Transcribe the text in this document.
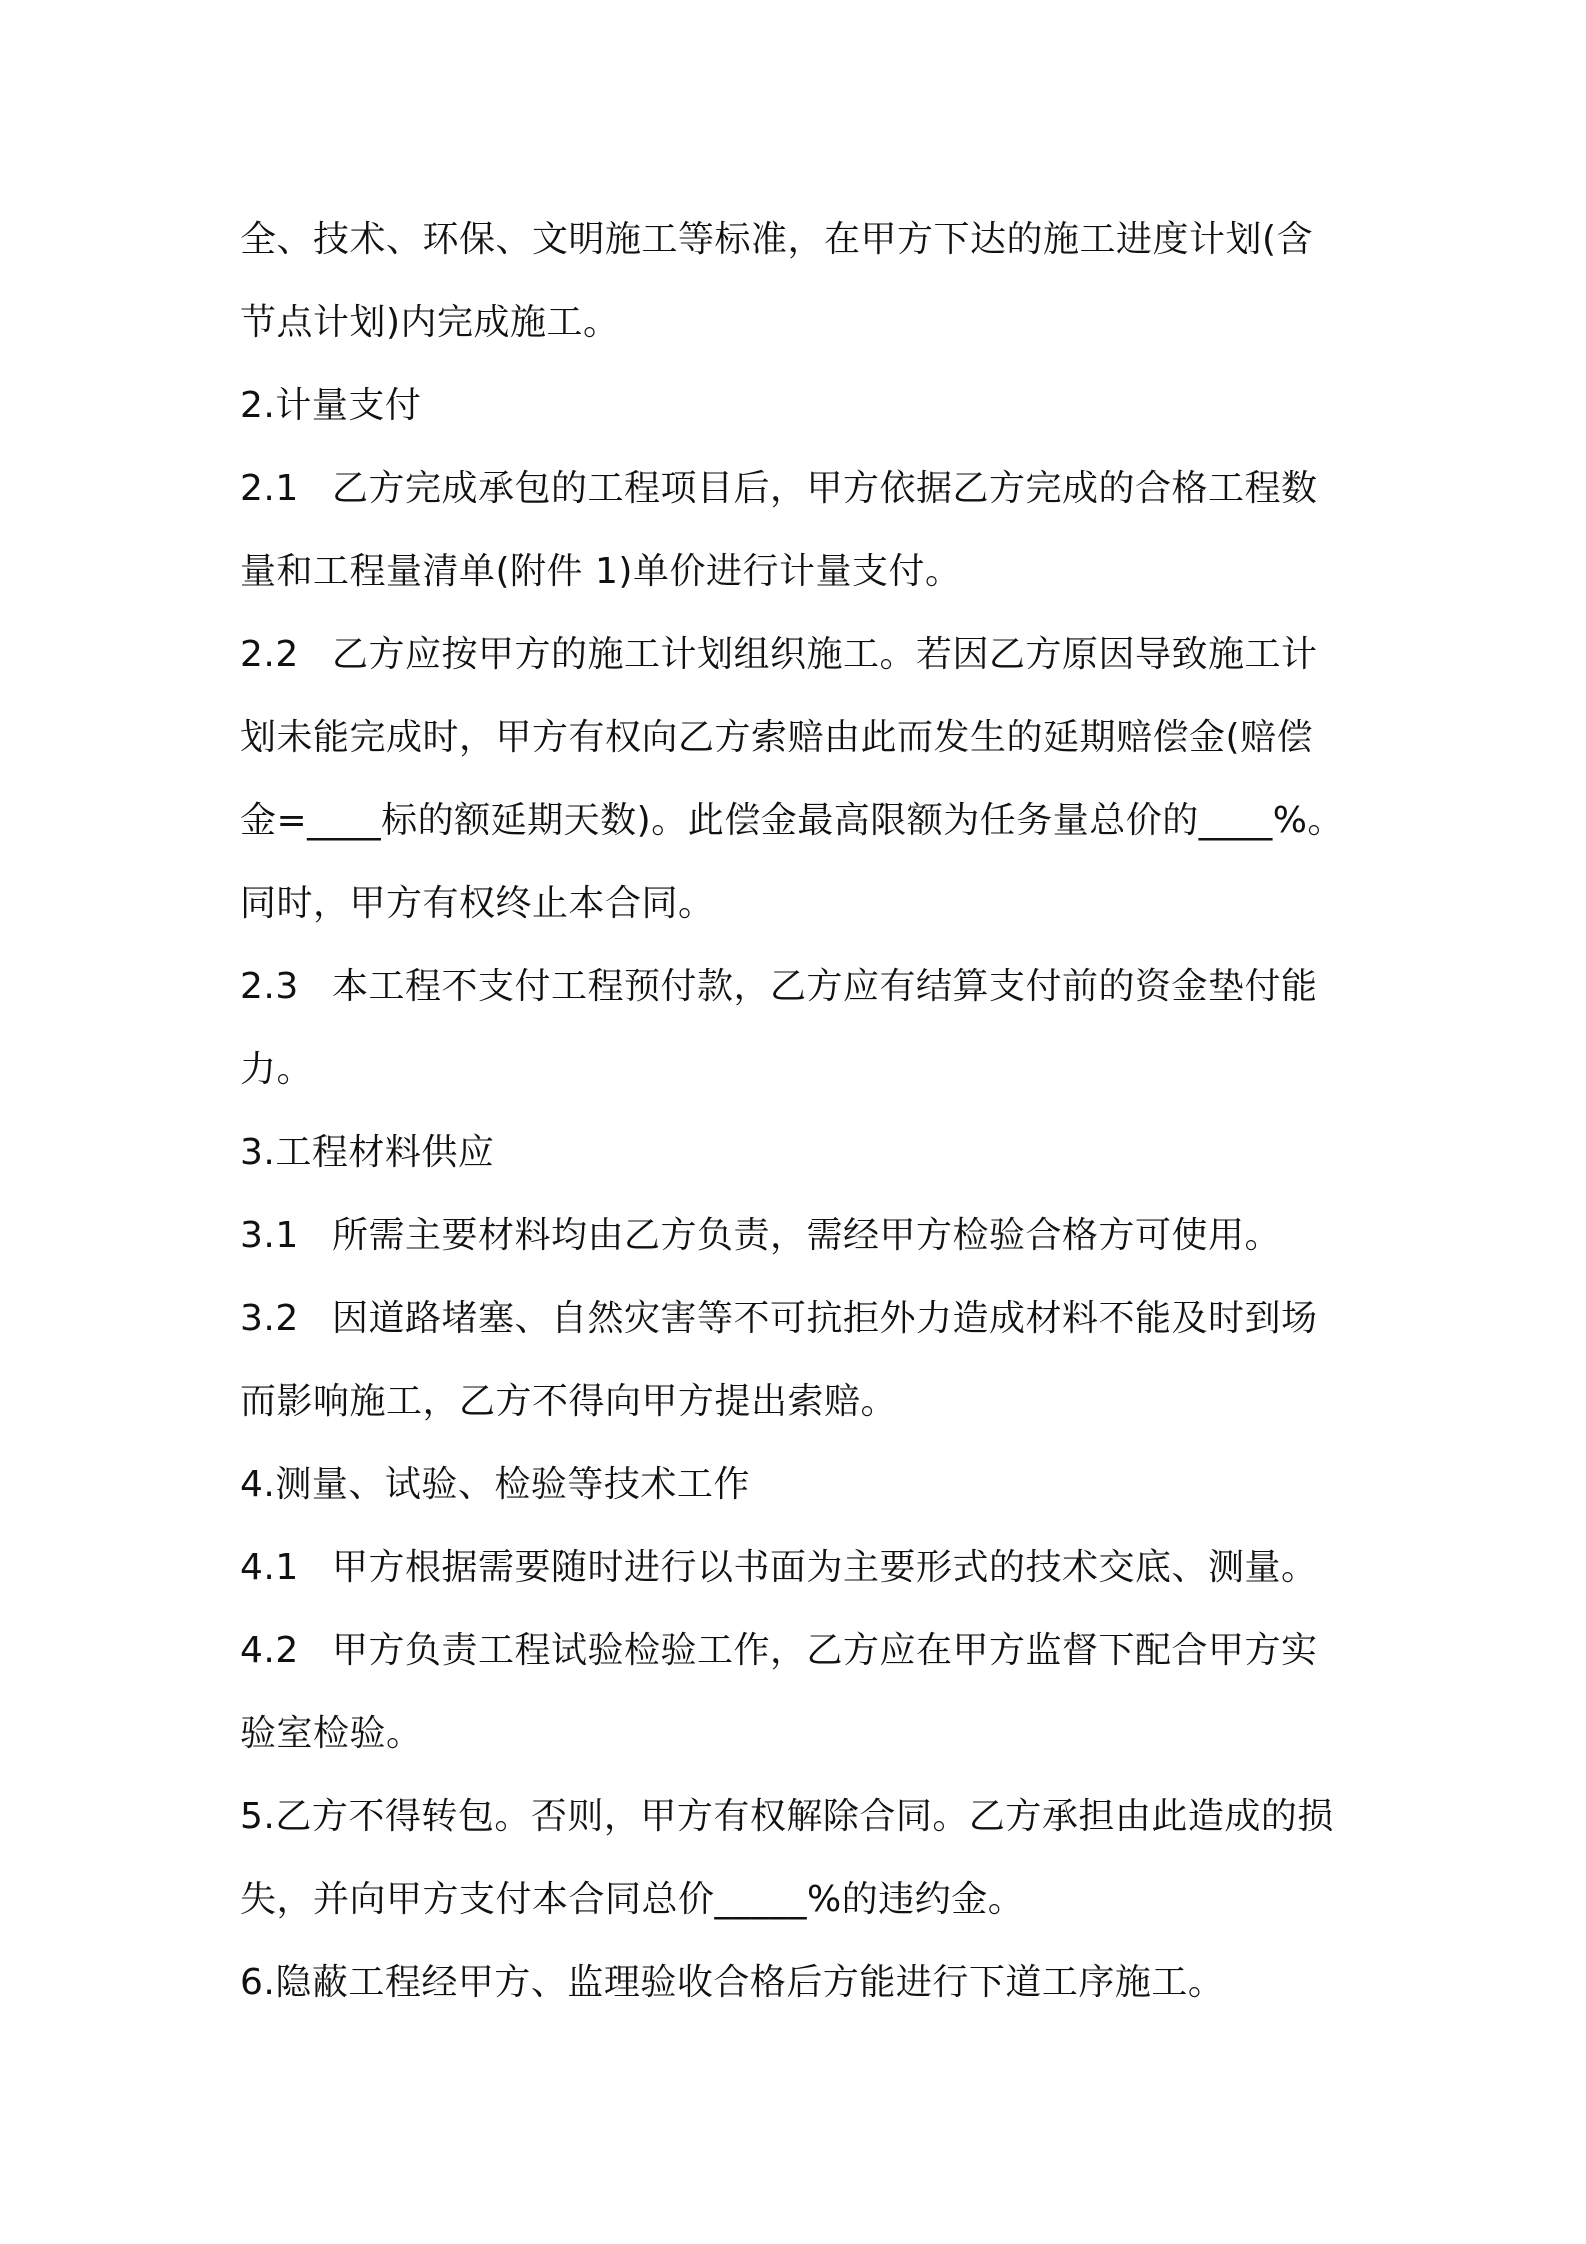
全、技术、环保、文明施工等标准，在甲方下达的施工进度计划(含
节点计划)内完成施工。
2.计量支付
2.1 乙方完成承包的工程项目后，甲方依据乙方完成的合格工程数
量和工程量清单(附件 1)单价进行计量支付。
2.2 乙方应按甲方的施工计划组织施工。若因乙方原因导致施工计
划未能完成时，甲方有权向乙方索赔由此而发生的延期赔偿金(赔偿
金=____标的额延期天数)。此偿金最高限额为任务量总价的____%。
同时，甲方有权终止本合同。
2.3 本工程不支付工程预付款，乙方应有结算支付前的资金垫付能
力。
3.工程材料供应
3.1 所需主要材料均由乙方负责，需经甲方检验合格方可使用。
3.2 因道路堵塞、自然灾害等不可抗拒外力造成材料不能及时到场
而影响施工，乙方不得向甲方提出索赔。
4.测量、试验、检验等技术工作
4.1 甲方根据需要随时进行以书面为主要形式的技术交底、测量。
4.2 甲方负责工程试验检验工作，乙方应在甲方监督下配合甲方实
验室检验。
5.乙方不得转包。否则，甲方有权解除合同。乙方承担由此造成的损
失，并向甲方支付本合同总价_____%的违约金。
6.隐蔽工程经甲方、监理验收合格后方能进行下道工序施工。
